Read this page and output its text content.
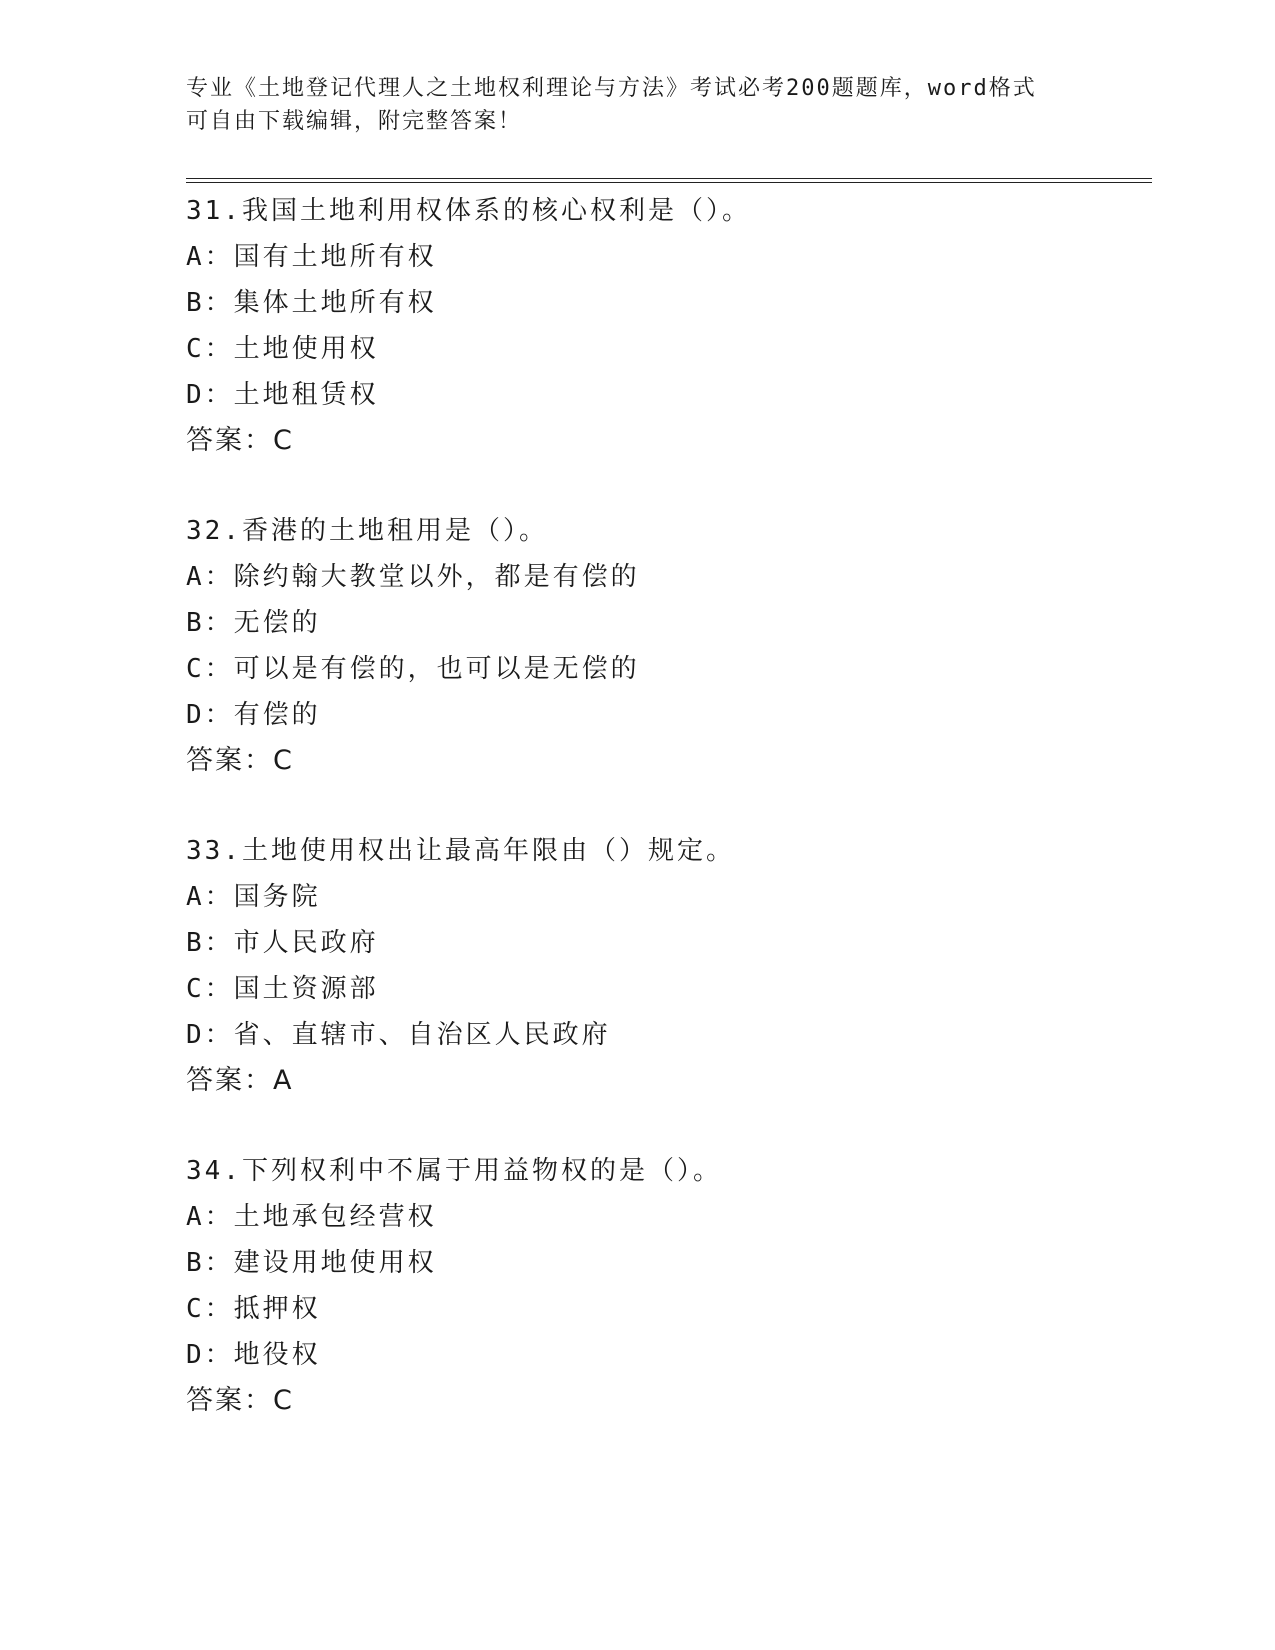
专业《土地登记代理人之土地权利理论与方法》考试必考200题题库，word格式
可自由下载编辑，附完整答案！
31.我国土地利用权体系的核心权利是（）。
A：国有土地所有权
B：集体土地所有权
C：土地使用权
D：土地租赁权
答案：C
32.香港的土地租用是（）。
A：除约翰大教堂以外，都是有偿的
B：无偿的
C：可以是有偿的，也可以是无偿的
D：有偿的
答案：C
33.土地使用权出让最高年限由（）规定。
A：国务院
B：市人民政府
C：国土资源部
D：省、直辖市、自治区人民政府
答案：A
34.下列权利中不属于用益物权的是（）。
A：土地承包经营权
B：建设用地使用权
C：抵押权
D：地役权
答案：C
